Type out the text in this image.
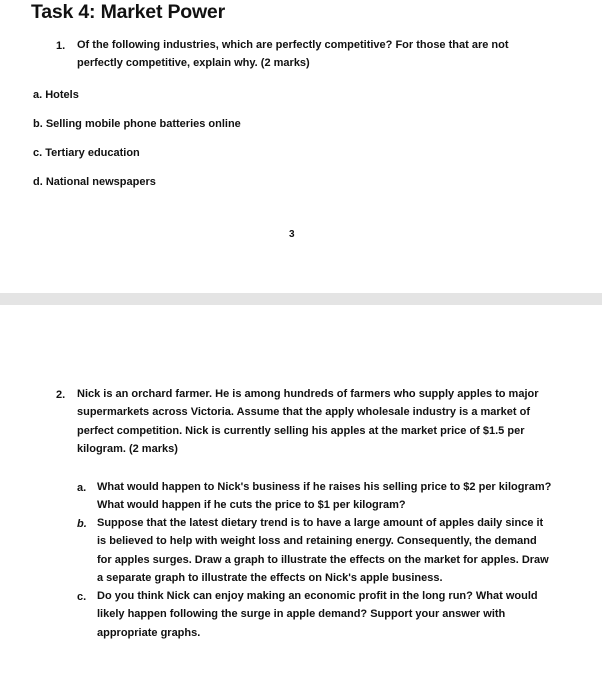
Task 4: Market Power
1. Of the following industries, which are perfectly competitive? For those that are not
perfectly competitive, explain why. (2 marks)
a. Hotels
b. Selling mobile phone batteries online
c. Tertiary education
d. National newspapers
3
2. Nick is an orchard farmer. He is among hundreds of farmers who supply apples to major
supermarkets across Victoria. Assume that the apply wholesale industry is a market of
perfect competition. Nick is currently selling his apples at the market price of $1.5 per
kilogram. (2 marks)
a. What would happen to Nick's business if he raises his selling price to $2 per kilogram?
What would happen if he cuts the price to $1 per kilogram?
b. Suppose that the latest dietary trend is to have a large amount of apples daily since it
is believed to help with weight loss and retaining energy. Consequently, the demand
for apples surges. Draw a graph to illustrate the effects on the market for apples. Draw
a separate graph to illustrate the effects on Nick's apple business.
c. Do you think Nick can enjoy making an economic profit in the long run? What would
likely happen following the surge in apple demand? Support your answer with
appropriate graphs.
